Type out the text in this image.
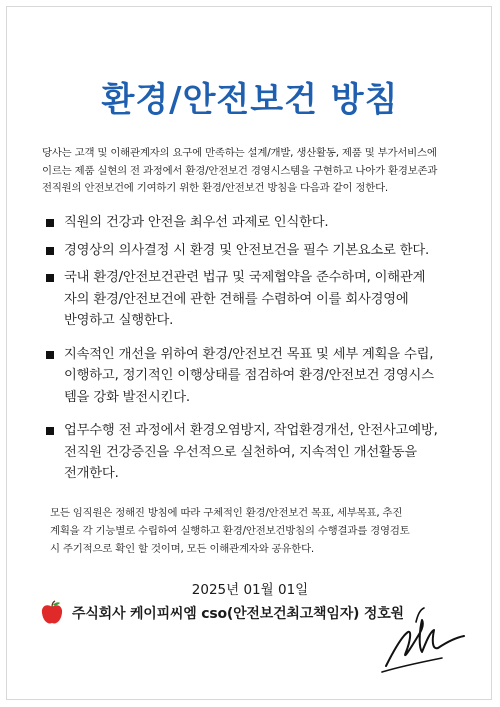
환경/안전보건 방침
당사는 고객 및 이해관계자의 요구에 만족하는 설계/개발, 생산활동, 제품 및 부가서비스에
이르는 제품 실현의 전 과정에서 환경/안전보건 경영시스템을 구현하고 나아가 환경보존과
전직원의 안전보건에 기여하기 위한 환경/안전보건 방침을 다음과 같이 정한다.
직원의 건강과 안전을 최우선 과제로 인식한다.
경영상의 의사결정 시 환경 및 안전보건을 필수 기본요소로 한다.
국내 환경/안전보건관련 법규 및 국제협약을 준수하며, 이해관계
자의 환경/안전보건에 관한 견해를 수렴하여 이를 회사경영에
반영하고 실행한다.
지속적인 개선을 위하여 환경/안전보건 목표 및 세부 계획을 수립,
이행하고, 정기적인 이행상태를 점검하여 환경/안전보건 경영시스
템을 강화 발전시킨다.
업무수행 전 과정에서 환경오염방지, 작업환경개선, 안전사고예방,
전직원 건강증진을 우선적으로 실천하여, 지속적인 개선활동을
전개한다.
모든 임직원은 정해진 방침에 따라 구체적인 환경/안전보건 목표, 세부목표, 추진
계획을 각 기능별로 수립하여 실행하고 환경/안전보건방침의 수행결과를 경영검토
시 주기적으로 확인 할 것이며, 모든 이해관계자와 공유한다.
2025년 01월 01일
주식회사 케이피씨엠 cso(안전보건최고책임자) 정호원
